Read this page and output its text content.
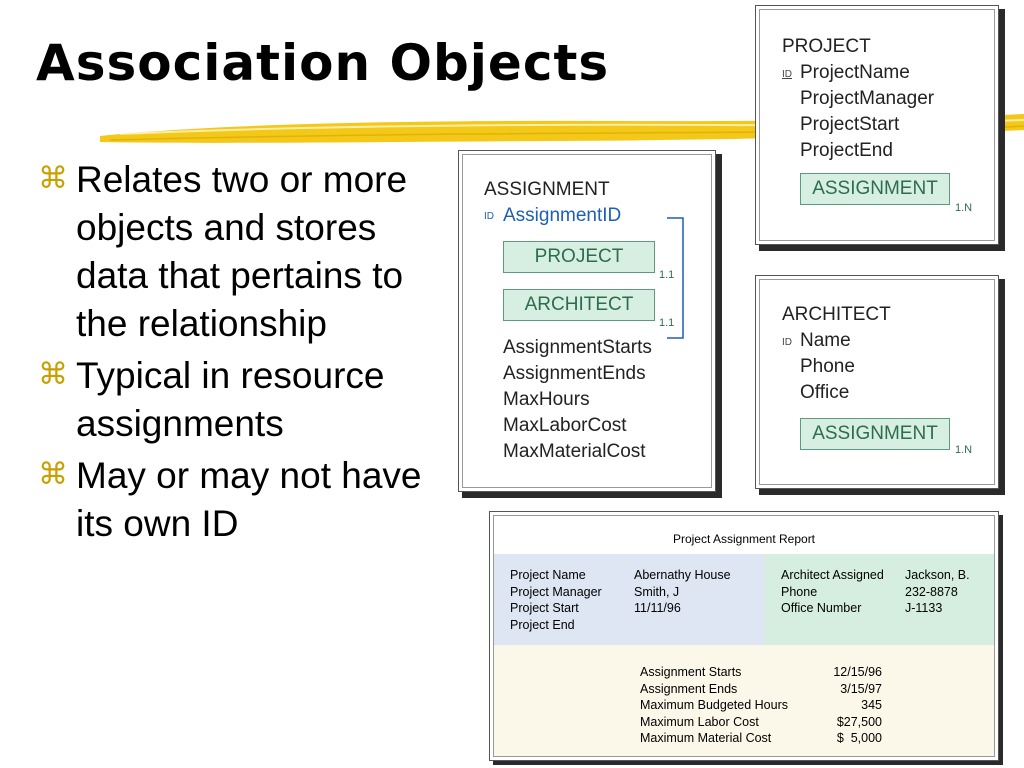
Association Objects
⌘ Relates two or more objects and stores data that pertains to the relationship
⌘ Typical in resource assignments
⌘ May or may not have its own ID
PROJECT
ID ProjectName
ProjectManager
ProjectStart
ProjectEnd
ASSIGNMENT
1.N
ASSIGNMENT
ID AssignmentID
PROJECT
1.1
ARCHITECT
1.1
AssignmentStarts
AssignmentEnds
MaxHours
MaxLaborCost
MaxMaterialCost
ARCHITECT
ID Name
Phone
Office
ASSIGNMENT
1.N
Project Assignment Report
Project Name
Project Manager
Project Start
Project End
Abernathy House
Smith, J
11/11/96
Architect Assigned
Phone
Office Number
Jackson, B.
232-8878
J-1133
Assignment Starts
Assignment Ends
Maximum Budgeted Hours
Maximum Labor Cost
Maximum Material Cost
12/15/96
3/15/97
345
$27,500
$  5,000
